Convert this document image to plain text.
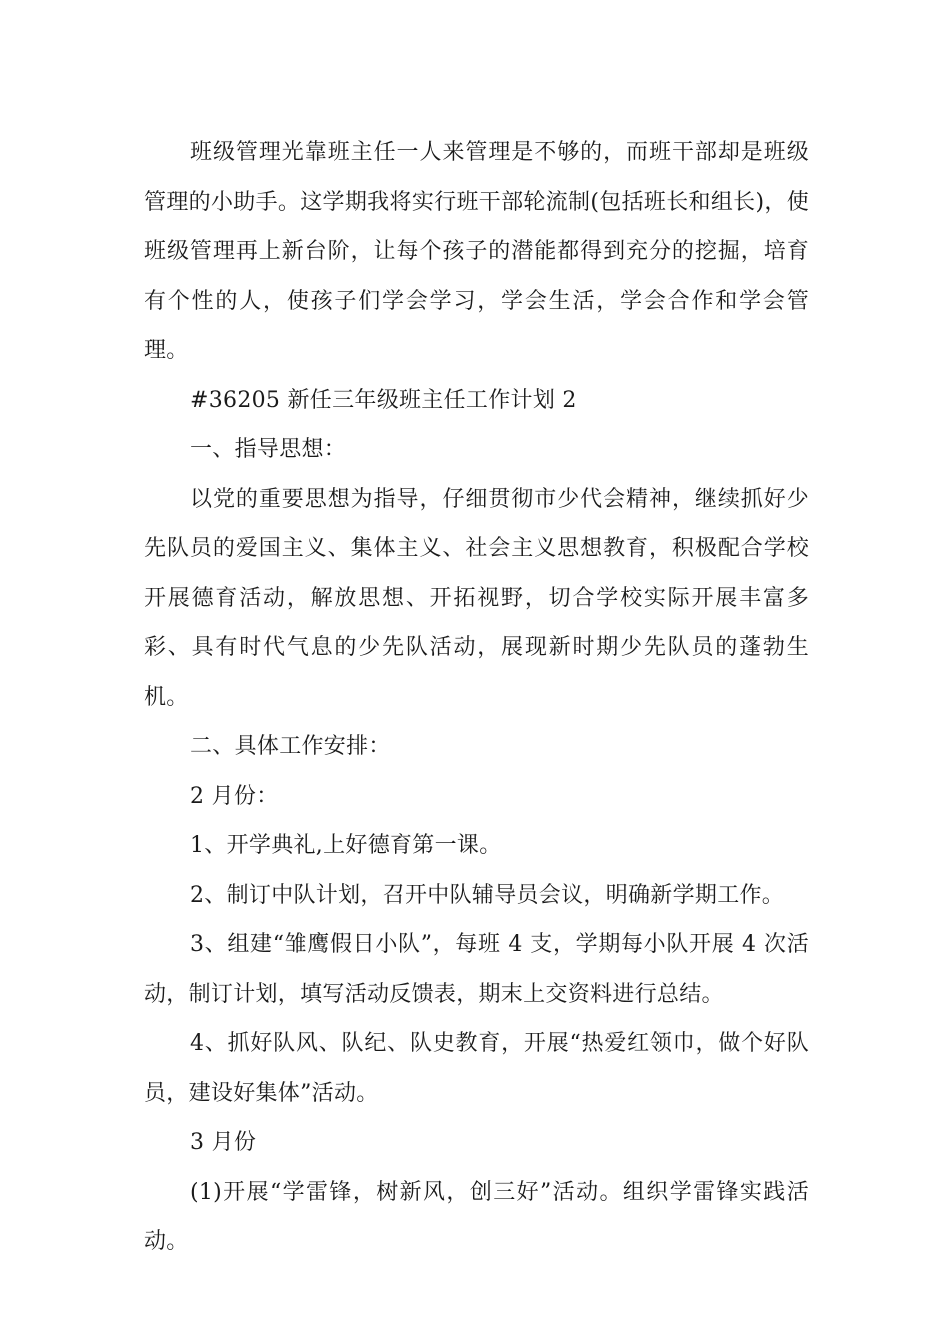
班级管理光靠班主任一人来管理是不够的，而班干部却是班级管理的小助手。这学期我将实行班干部轮流制(包括班长和组长)，使班级管理再上新台阶，让每个孩子的潜能都得到充分的挖掘，培育有个性的人，使孩子们学会学习，学会生活，学会合作和学会管理。

#36205 新任三年级班主任工作计划 2

一、指导思想：

以党的重要思想为指导，仔细贯彻市少代会精神，继续抓好少先队员的爱国主义、集体主义、社会主义思想教育，积极配合学校开展德育活动，解放思想、开拓视野，切合学校实际开展丰富多彩、具有时代气息的少先队活动，展现新时期少先队员的蓬勃生机。

二、具体工作安排：

2 月份：

1、开学典礼,上好德育第一课。

2、制订中队计划，召开中队辅导员会议，明确新学期工作。

3、组建“雏鹰假日小队”，每班 4 支，学期每小队开展 4 次活动，制订计划，填写活动反馈表，期末上交资料进行总结。

4、抓好队风、队纪、队史教育，开展“热爱红领巾，做个好队员，建设好集体”活动。

3 月份

(1)开展“学雷锋，树新风，创三好”活动。组织学雷锋实践活动。
